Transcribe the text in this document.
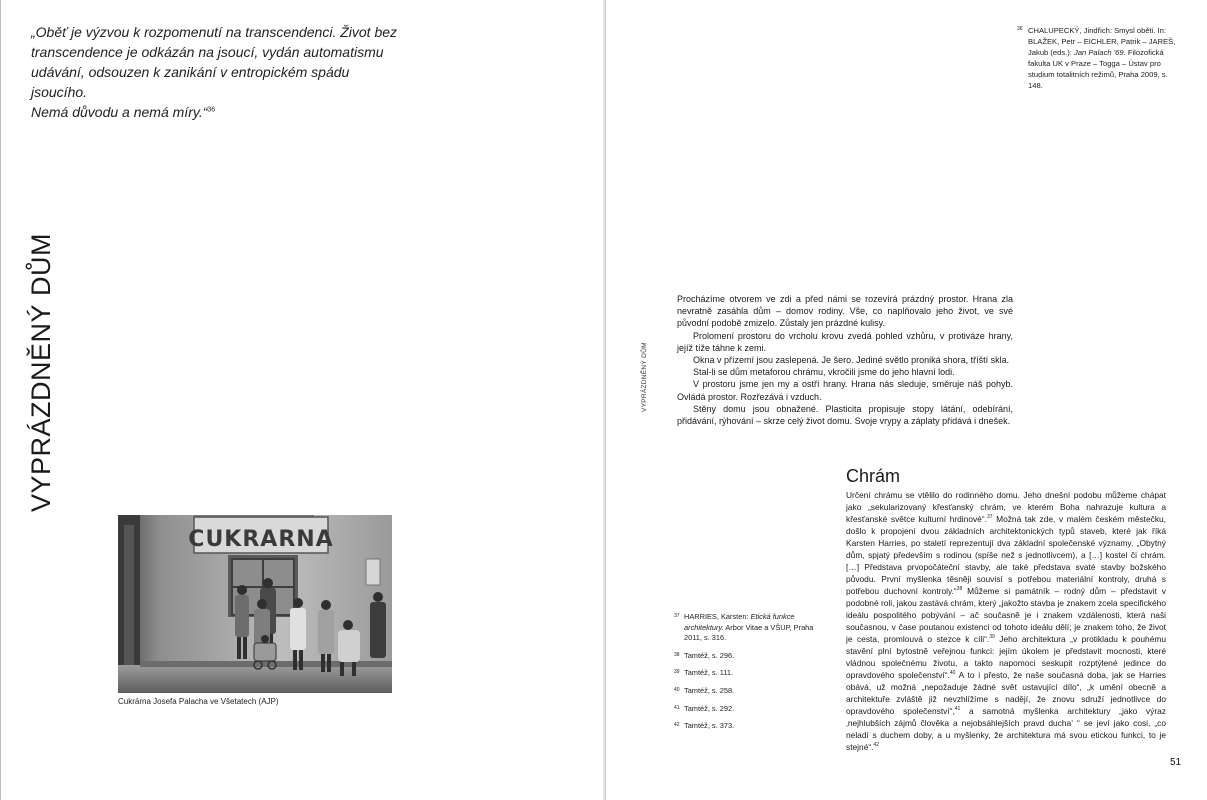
„Oběť je výzvou k rozpomenutí na transcendenci. Život bez
transcendence je odkázán na jsoucí, vydán automatismu
udávání, odsouzen k zanikání v entropickém spádu jsoucího.
Nemá důvodu a nemá míry.“$^{36}$
VYPRÁZDNĚNÝ DŮM
CUKRARNA
Cukrárna Josefa Palacha ve Všetatech (AJP)
36 CHALUPECKÝ, Jindřich: Smysl oběti. In: BLAŽEK, Petr – EICHLER, Patrik – JAREŠ, Jakub (eds.): Jan Palach '69. Filozofická fakulta UK v Praze – Togga – Ústav pro studium totalitních režimů, Praha 2009, s. 148.
VYPRÁZDNĚNÝ DŮM

Procházíme otvorem ve zdi a před námi se rozevírá prázdný prostor. Hrana zla nevratně zasáhla dům – domov rodiny. Vše, co naplňovalo jeho život, ve své původní podobě zmizelo. Zůstaly jen prázdné kulisy.

Prolomení prostoru do vrcholu krovu zvedá pohled vzhůru, v protiváze hrany, jejíž tíže táhne k zemi.

Okna v přízemí jsou zaslepená. Je šero. Jediné světlo proniká shora, tříští skla.

Stal-li se dům metaforou chrámu, vkročili jsme do jeho hlavní lodi.

V prostoru jsme jen my a ostří hrany. Hrana nás sleduje, směruje náš pohyb. Ovládá prostor. Rozřezává i vzduch.

Stěny domu jsou obnažené. Plasticita propisuje stopy látání, odebírání, přidávání, rýhování – skrze celý život domu. Svoje vrypy a záplaty přidává i dnešek.

Chrám
Určení chrámu se vtělilo do rodinného domu. Jeho dnešní podobu můžeme chápat jako „sekularizovaný křesťanský chrám, ve kterém Boha nahrazuje kultura a křesťanské světce kulturní hrdinové“.$^{37}$ Možná tak zde, v malém českém městečku, došlo k propojení dvou základních architektonických typů staveb, které jak říká Karsten Harries, po staletí reprezentují dva základní společenské významy. „Obytný dům, spjatý především s rodinou (spíše než s jednotlivcem), a […] kostel či chrám. […] Představa prvopočáteční stavby, ale také představa svaté stavby božského původu. První myšlenka těsněji souvisí s potřebou materiální kontroly, druhá s potřebou duchovní kontroly.“$^{38}$ Můžeme si památník – rodný dům – představit v podobné roli, jakou zastává chrám, který „jakožto stavba je znakem zcela specifického ideálu pospolitého pobývání – ač současně je i znakem vzdálenosti, která naši současnou, v čase poutanou existenci od tohoto ideálu dělí; je znakem toho, že život je cesta, promlouvá o stezce k cíli“.$^{39}$ Jeho architektura „v protikladu k pouhému stavění plní bytostně veřejnou funkci: jejím úkolem je představit mocnosti, které vládnou společnému životu, a takto napomoci seskupit rozptýlené jedince do opravdového společenství“.$^{40}$ A to i přesto, že naše současná doba, jak se Harries obává, už možná „nepožaduje žádné svět ustavující dílo“, „k umění obecně a architektuře zvláště již nevzhlížíme s nadějí, že znovu sdruží jednotlivce do opravdového společenství“,$^{41}$ a samotná myšlenka architektury „jako výraz ‚nejhlubších zájmů člověka a nejobsáhlejších pravd ducha‘ “ se jeví jako cosi, „co neladí s duchem doby, a u myšlenky, že architektura má svou etickou funkci, to je stejné“.$^{42}$
37 HARRIES, Karsten: Etická funkce architektury. Arbor Vitae a VŠUP, Praha 2011, s. 316.
38 Tamtéž, s. 296.
39 Tamtéž, s. 111.
40 Tamtéž, s. 258.
41 Tamtéž, s. 292.
42 Tamtéž, s. 373.
51
